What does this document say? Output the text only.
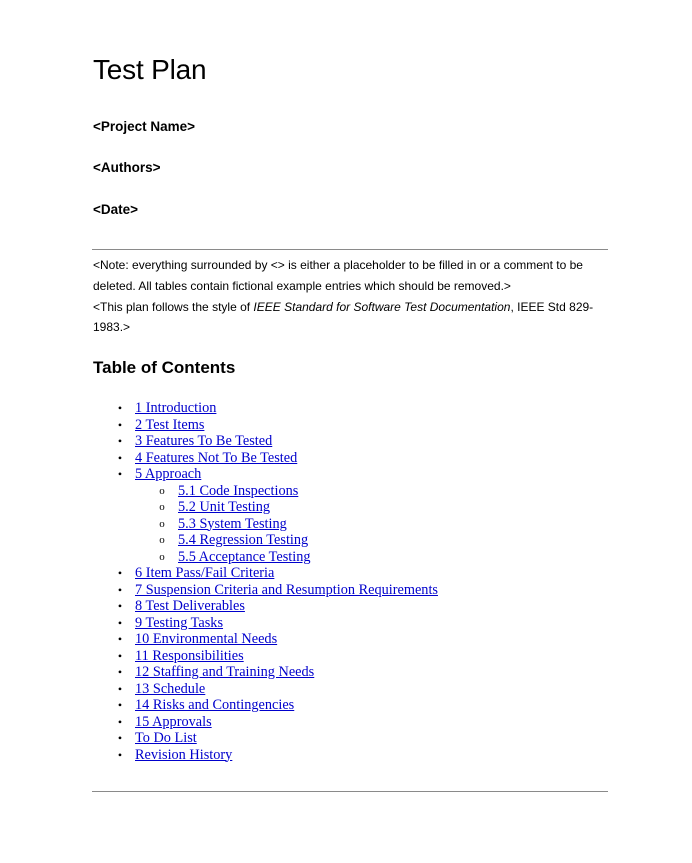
Test Plan
<Project Name>
<Authors>
<Date>

<Note: everything surrounded by <> is either a placeholder to be filled in or a comment to be deleted. All tables contain fictional example entries which should be removed.>

<This plan follows the style of IEEE Standard for Software Test Documentation, IEEE Std 829-1983.>

Table of Contents
• 1 Introduction
• 2 Test Items
• 3 Features To Be Tested
• 4 Features Not To Be Tested
• 5 Approach
o 5.1 Code Inspections
o 5.2 Unit Testing
o 5.3 System Testing
o 5.4 Regression Testing
o 5.5 Acceptance Testing
• 6 Item Pass/Fail Criteria
• 7 Suspension Criteria and Resumption Requirements
• 8 Test Deliverables
• 9 Testing Tasks
• 10 Environmental Needs
• 11 Responsibilities
• 12 Staffing and Training Needs
• 13 Schedule
• 14 Risks and Contingencies
• 15 Approvals
• To Do List
• Revision History
